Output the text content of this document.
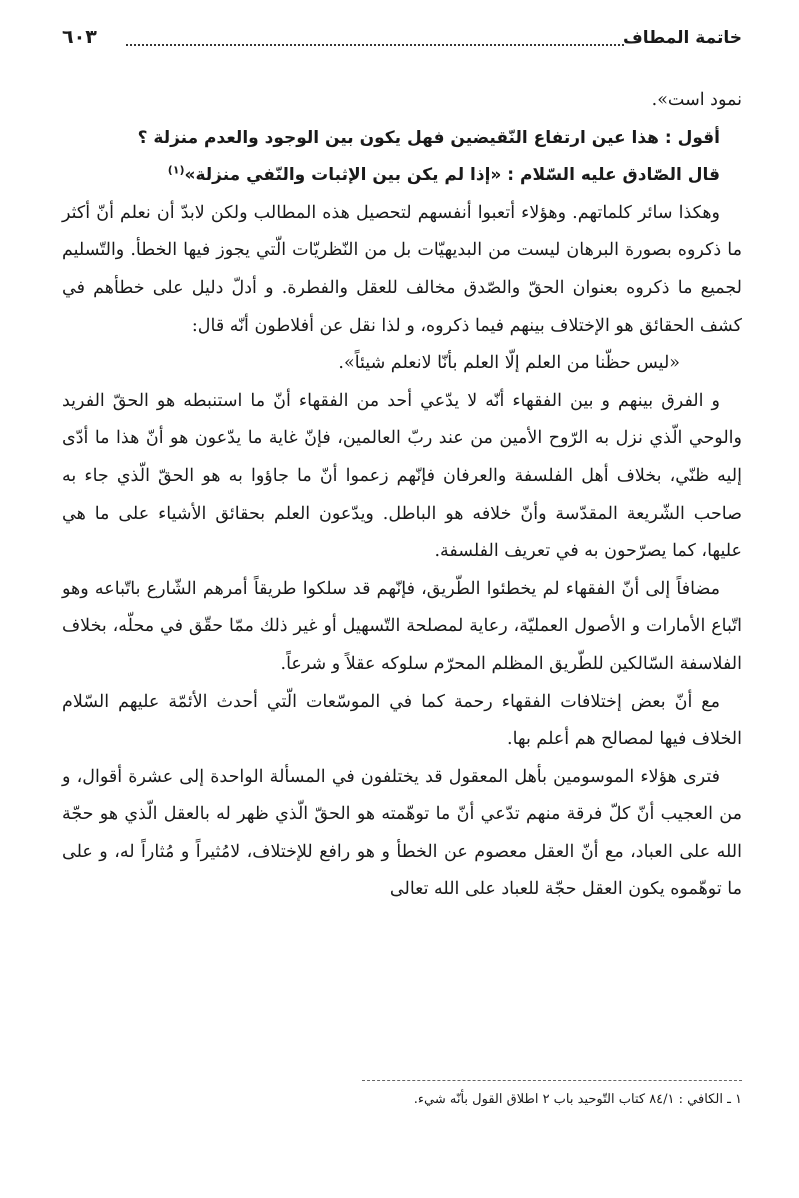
خاتمة المطاف
٦٠٣

نمود است».

أقول : هذا عين ارتفاع النّقيضين فهل يكون بين الوجود والعدم منزلة ؟

قال الصّادق عليه السّلام : «إذا لم يكن بين الإثبات والنّفي منزلة»$^{(١)}$

وهكذا سائر كلماتهم. وهؤلاء أتعبوا أنفسهم لتحصيل هذه المطالب ولكن لابدّ أن نعلم أنّ أكثر ما ذكروه بصورة البرهان ليست من البديهيّات بل من النّظريّات الّتي يجوز فيها الخطأ. والتّسليم لجميع ما ذكروه بعنوان الحقّ والصّدق مخالف للعقل والفطرة. و أدلّ دليل على خطأهم في كشف الحقائق هو الإختلاف بينهم فيما ذكروه، و لذا نقل عن أفلاطون أنّه قال:

«ليس حظّنا من العلم إلّا العلم بأنّا لانعلم شيئاً».

و الفرق بينهم و بين الفقهاء أنّه لا يدّعي أحد من الفقهاء أنّ ما استنبطه هو الحقّ الفريد والوحي الّذي نزل به الرّوح الأمين من عند ربّ العالمين، فإنّ غاية ما يدّعون هو أنّ هذا ما أدّى إليه ظنّي، بخلاف أهل الفلسفة والعرفان فإنّهم زعموا أنّ ما جاؤوا به هو الحقّ الّذي جاء به صاحب الشّريعة المقدّسة وأنّ خلافه هو الباطل. ويدّعون العلم بحقائق الأشياء على ما هي عليها، كما يصرّحون به في تعريف الفلسفة.

مضافاً إلى أنّ الفقهاء لم يخطئوا الطّريق، فإنّهم قد سلكوا طريقاً أمرهم الشّارع باتّباعه وهو اتّباع الأمارات و الأصول العمليّة، رعاية لمصلحة التّسهيل أو غير ذلك ممّا حقّق في محلّه، بخلاف الفلاسفة السّالكين للطّريق المظلم المحرّم سلوكه عقلاً و شرعاً.

مع أنّ بعض إختلافات الفقهاء رحمة كما في الموسّعات الّتي أحدث الأئمّة عليهم السّلام الخلاف فيها لمصالح هم أعلم بها.

فترى هؤلاء الموسومين بأهل المعقول قد يختلفون في المسألة الواحدة إلى عشرة أقوال، و من العجيب أنّ كلّ فرقة منهم تدّعي أنّ ما توهّمته هو الحقّ الّذي ظهر له بالعقل الّذي هو حجّة الله على العباد، مع أنّ العقل معصوم عن الخطأ و هو رافع للإختلاف، لامُثيراً و مُثاراً له، و على ما توهّموه يكون العقل حجّة للعباد على الله تعالى

١ ـ الكافي : ٨٤/١ كتاب التّوحيد باب ٢ اطلاق القول بأنّه شيء.
